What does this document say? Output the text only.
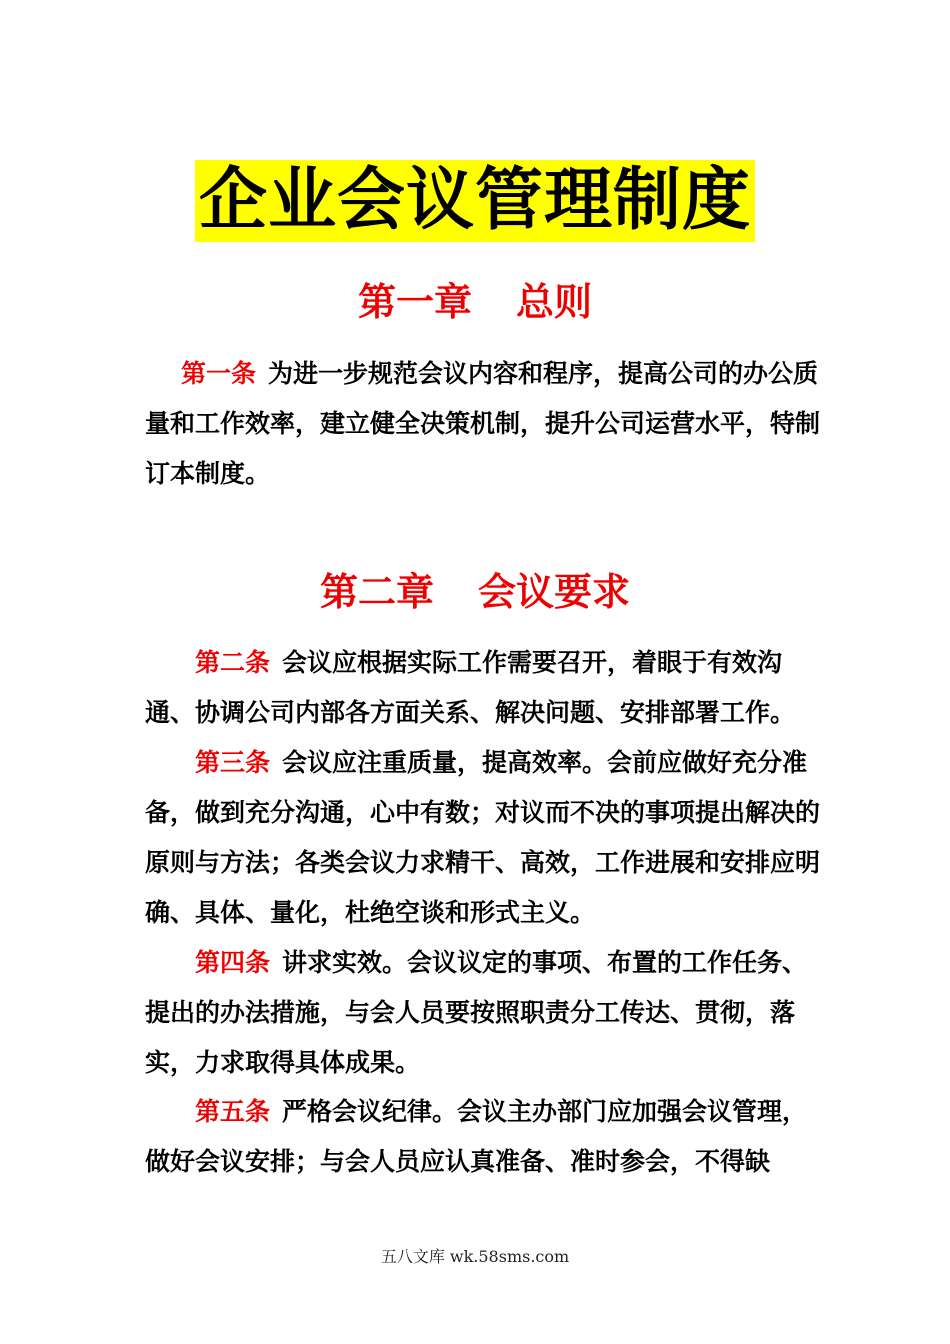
企业会议管理制度
第一章 总则
第一条 为进一步规范会议内容和程序，提高公司的办公质量和工作效率，建立健全决策机制，提升公司运营水平，特制订本制度。
第二章 会议要求
第二条 会议应根据实际工作需要召开，着眼于有效沟通、协调公司内部各方面关系、解决问题、安排部署工作。
第三条 会议应注重质量，提高效率。会前应做好充分准备，做到充分沟通，心中有数；对议而不决的事项提出解决的原则与方法；各类会议力求精干、高效，工作进展和安排应明确、具体、量化，杜绝空谈和形式主义。
第四条 讲求实效。会议议定的事项、布置的工作任务、提出的办法措施，与会人员要按照职责分工传达、贯彻，落实，力求取得具体成果。
第五条 严格会议纪律。会议主办部门应加强会议管理，做好会议安排；与会人员应认真准备、准时参会，不得缺
五八文库 wk.58sms.com
